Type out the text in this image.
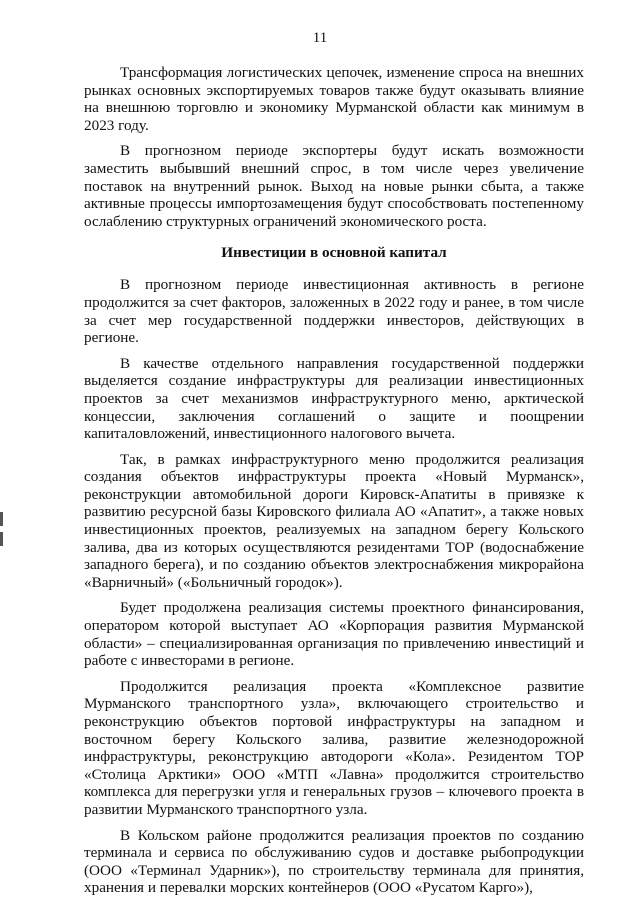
11

Трансформация логистических цепочек, изменение спроса на внешних рынках основных экспортируемых товаров также будут оказывать влияние на внешнюю торговлю и экономику Мурманской области как минимум в 2023 году.

В прогнозном периоде экспортеры будут искать возможности заместить выбывший внешний спрос, в том числе через увеличение поставок на внутренний рынок. Выход на новые рынки сбыта, а также активные процессы импортозамещения будут способствовать постепенному ослаблению структурных ограничений экономического роста.

Инвестиции в основной капитал

В прогнозном периоде инвестиционная активность в регионе продолжится за счет факторов, заложенных в 2022 году и ранее, в том числе за счет мер государственной поддержки инвесторов, действующих в регионе.

В качестве отдельного направления государственной поддержки выделяется создание инфраструктуры для реализации инвестиционных проектов за счет механизмов инфраструктурного меню, арктической концессии, заключения соглашений о защите и поощрении капиталовложений, инвестиционного налогового вычета.

Так, в рамках инфраструктурного меню продолжится реализация создания объектов инфраструктуры проекта «Новый Мурманск», реконструкции автомобильной дороги Кировск-Апатиты в привязке к развитию ресурсной базы Кировского филиала АО «Апатит», а также новых инвестиционных проектов, реализуемых на западном берегу Кольского залива, два из которых осуществляются резидентами ТОР (водоснабжение западного берега), и по созданию объектов электроснабжения микрорайона «Варничный» («Больничный городок»).

Будет продолжена реализация системы проектного финансирования, оператором которой выступает АО «Корпорация развития Мурманской области» – специализированная организация по привлечению инвестиций и работе с инвесторами в регионе.

Продолжится реализация проекта «Комплексное развитие Мурманского транспортного узла», включающего строительство и реконструкцию объектов портовой инфраструктуры на западном и восточном берегу Кольского залива, развитие железнодорожной инфраструктуры, реконструкцию автодороги «Кола». Резидентом ТОР «Столица Арктики» ООО «МТП «Лавна» продолжится строительство комплекса для перегрузки угля и генеральных грузов – ключевого проекта в развитии Мурманского транспортного узла.

В Кольском районе продолжится реализация проектов по созданию терминала и сервиса по обслуживанию судов и доставке рыбопродукции (ООО «Терминал Ударник»), по строительству терминала для принятия, хранения и перевалки морских контейнеров (ООО «Русатом Карго»),
